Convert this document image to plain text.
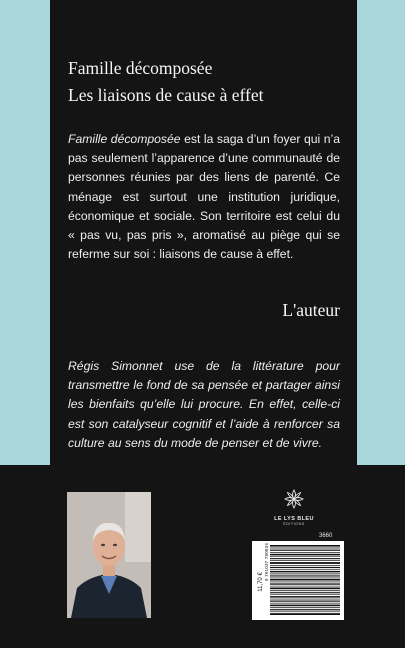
Famille décomposée
Les liaisons de cause à effet

Famille décomposée est la saga d’un foyer qui n’a pas seulement l’apparence d’une communauté de personnes réunies par des liens de parenté. Ce ménage est surtout une institution juridique, économique et sociale. Son territoire est celui du « pas vu, pas pris », aromatisé au piège qui se referme sur soi : liaisons de cause à effet.

L'auteur

Régis Simonnet use de la littérature pour transmettre le fond de sa pensée et partager ainsi les bienfaits qu’elle lui procure. En effet, celle-ci est son catalyseur cognitif et l’aide à renforcer sa culture au sens du mode de penser et de vivre.

LE LYS BLEU
ÉDITIONS
3660
11,70 €
9 791037 790934
